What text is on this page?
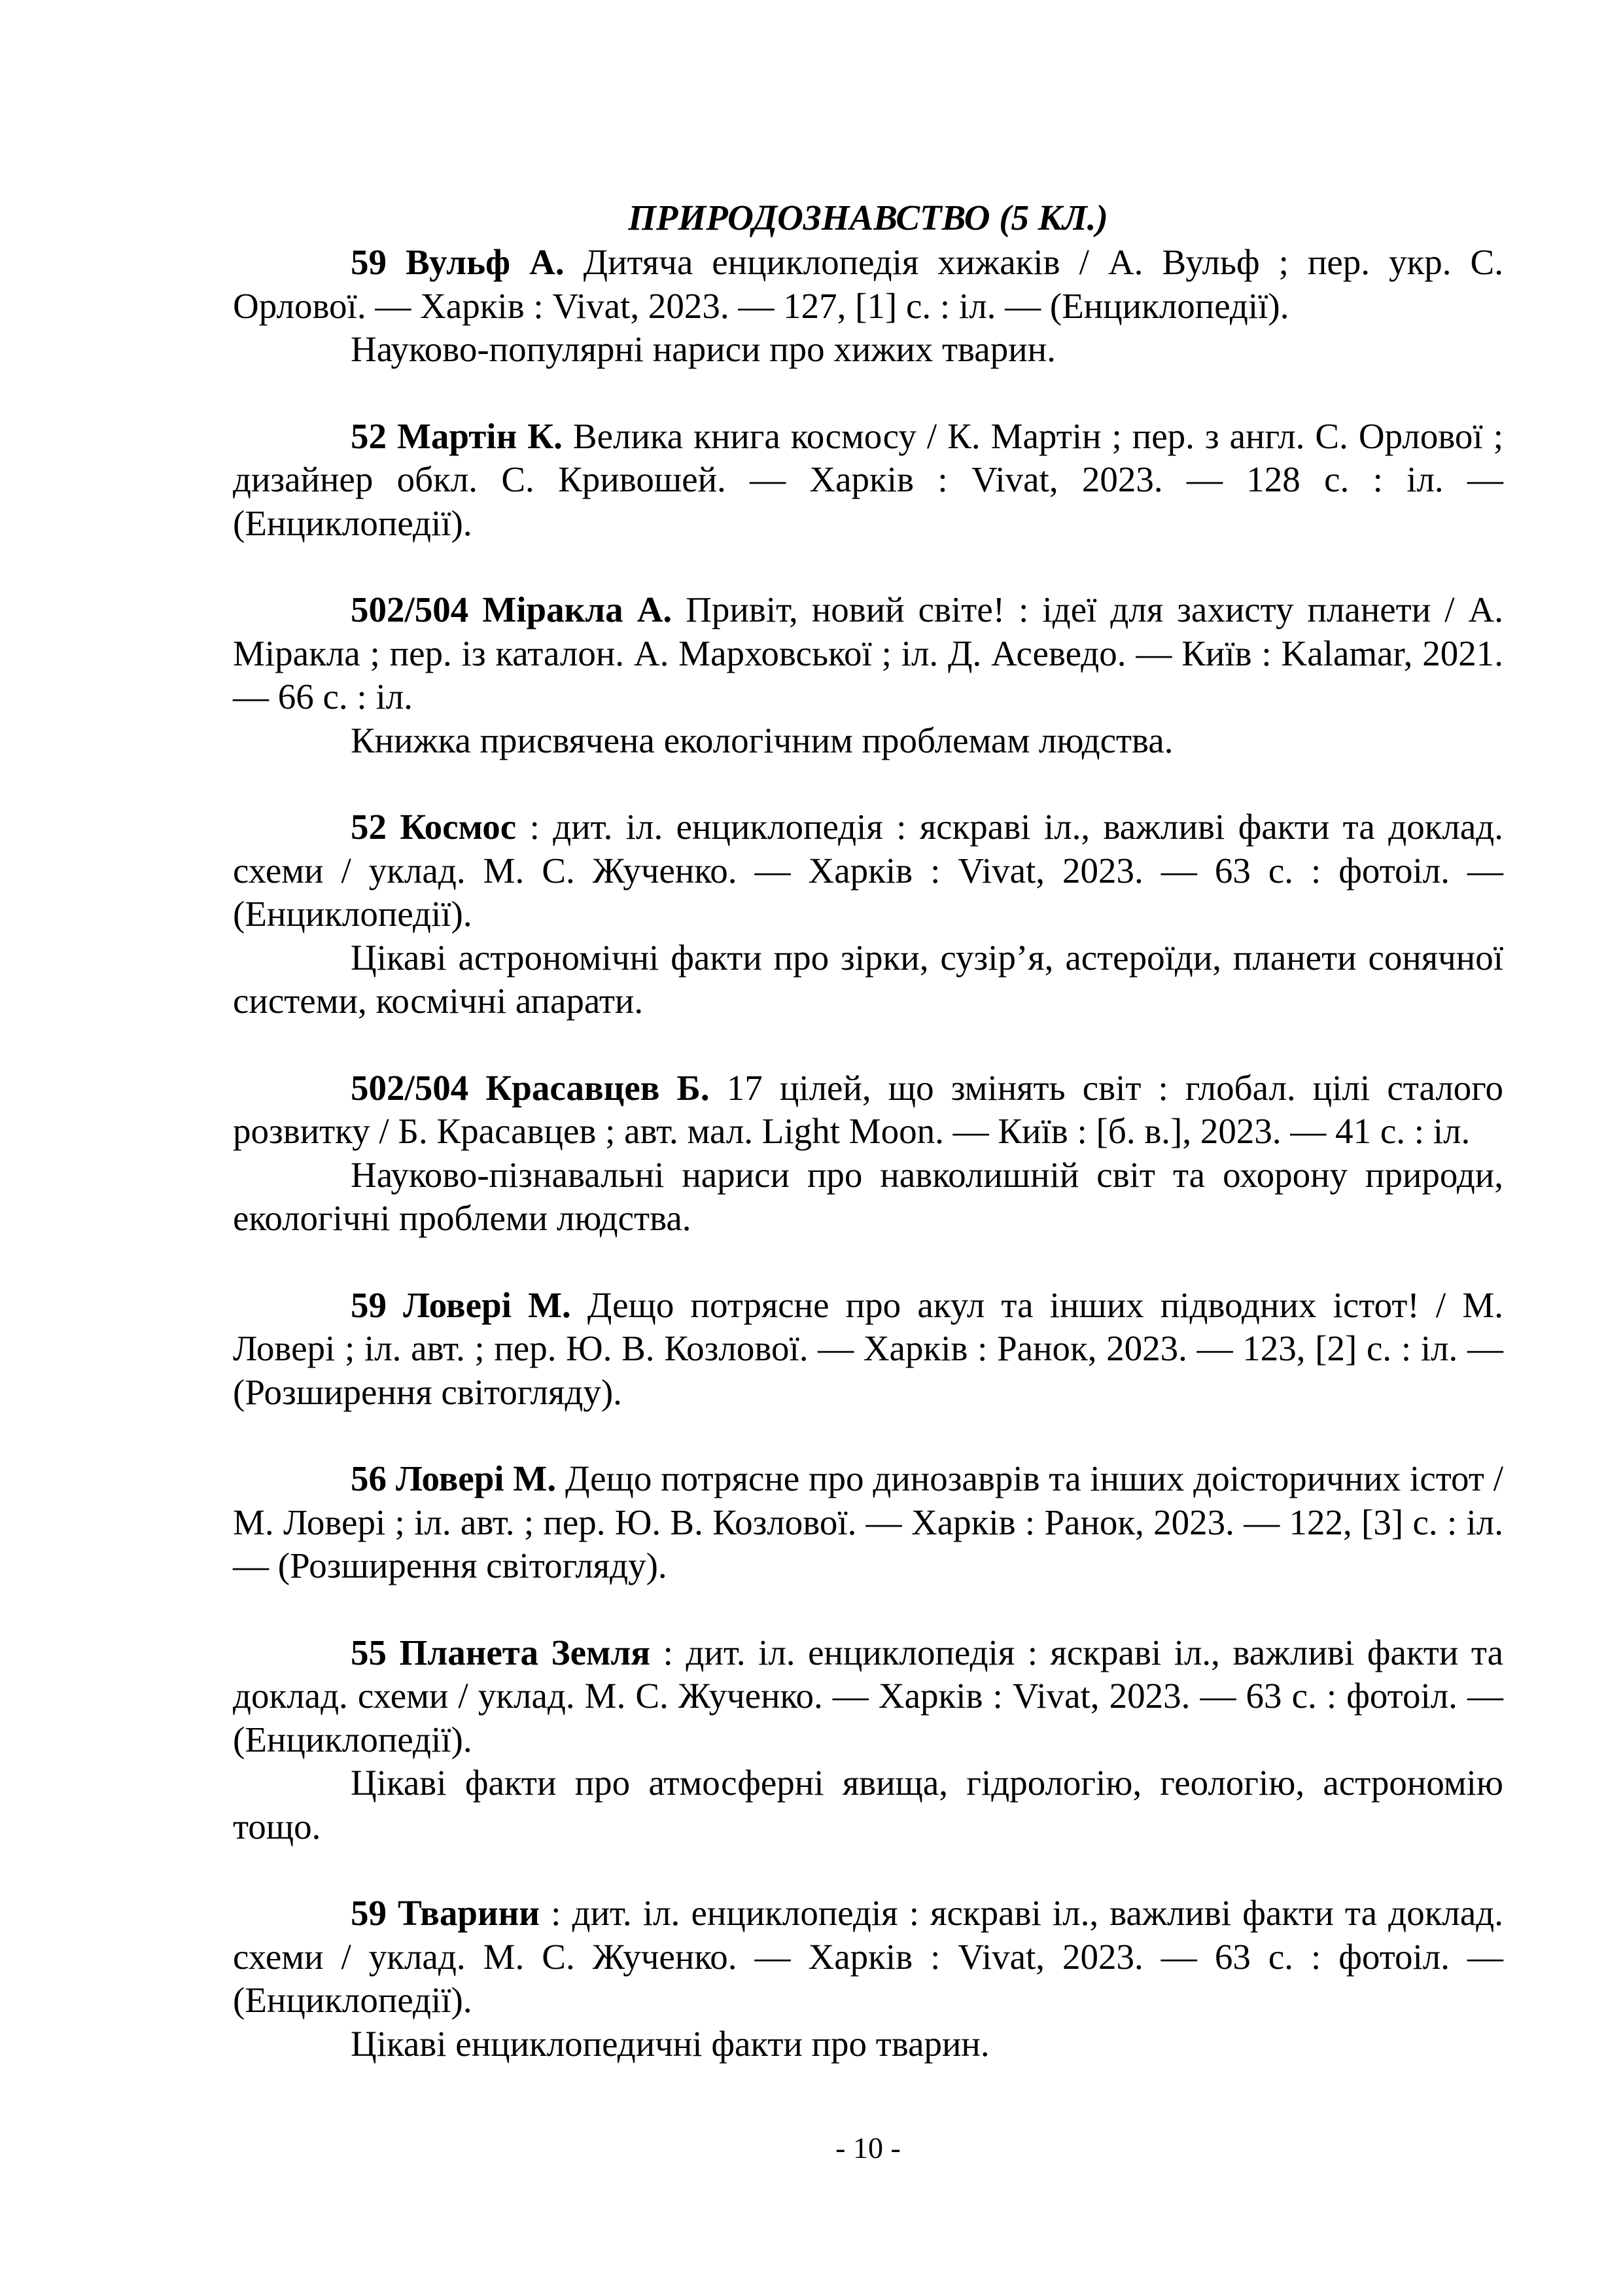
ПРИРОДОЗНАВСТВО (5 КЛ.)

59 Вульф А. Дитяча енциклопедія хижаків / А. Вульф ; пер. укр. С. Орлової. — Харків : Vivat, 2023. — 127, [1] с. : іл. — (Енциклопедії).

Науково-популярні нариси про хижих тварин.

52 Мартін К. Велика книга космосу / К. Мартін ; пер. з англ. С. Орлової ; дизайнер обкл. С. Кривошей. — Харків : Vivat, 2023. — 128 с. : іл. — (Енциклопедії).

502/504 Міракла А. Привіт, новий світе! : ідеї для захисту планети / А. Міракла ; пер. із каталон. А. Марховської ; іл. Д. Асеведо. — Київ : Kalamar, 2021. — 66 с. : іл.

Книжка присвячена екологічним проблемам людства.

52 Космос : дит. іл. енциклопедія : яскраві іл., важливі факти та доклад. схеми / уклад. М. С. Жученко. — Харків : Vivat, 2023. — 63 с. : фотоіл. — (Енциклопедії).

Цікаві астрономічні факти про зірки, сузір’я, астероїди, планети сонячної системи, космічні апарати.

502/504 Красавцев Б. 17 цілей, що змінять світ : глобал. цілі сталого розвитку / Б. Красавцев ; авт. мал. Light Moon. — Київ : [б. в.], 2023. — 41 с. : іл.

Науково-пізнавальні нариси про навколишній світ та охорону природи, екологічні проблеми людства.

59 Ловері М. Дещо потрясне про акул та інших підводних істот! / М. Ловері ; іл. авт. ; пер. Ю. В. Козлової. — Харків : Ранок, 2023. — 123, [2] с. : іл. — (Розширення світогляду).

56 Ловері М. Дещо потрясне про динозаврів та інших доісторичних істот / М. Ловері ; іл. авт. ; пер. Ю. В. Козлової. — Харків : Ранок, 2023. — 122, [3] с. : іл. — (Розширення світогляду).

55 Планета Земля : дит. іл. енциклопедія : яскраві іл., важливі факти та доклад. схеми / уклад. М. С. Жученко. — Харків : Vivat, 2023. — 63 с. : фотоіл. — (Енциклопедії).

Цікаві факти про атмосферні явища, гідрологію, геологію, астрономію тощо.

59 Тварини : дит. іл. енциклопедія : яскраві іл., важливі факти та доклад. схеми / уклад. М. С. Жученко. — Харків : Vivat, 2023. — 63 с. : фотоіл. — (Енциклопедії).

Цікаві енциклопедичні факти про тварин.

- 10 -
